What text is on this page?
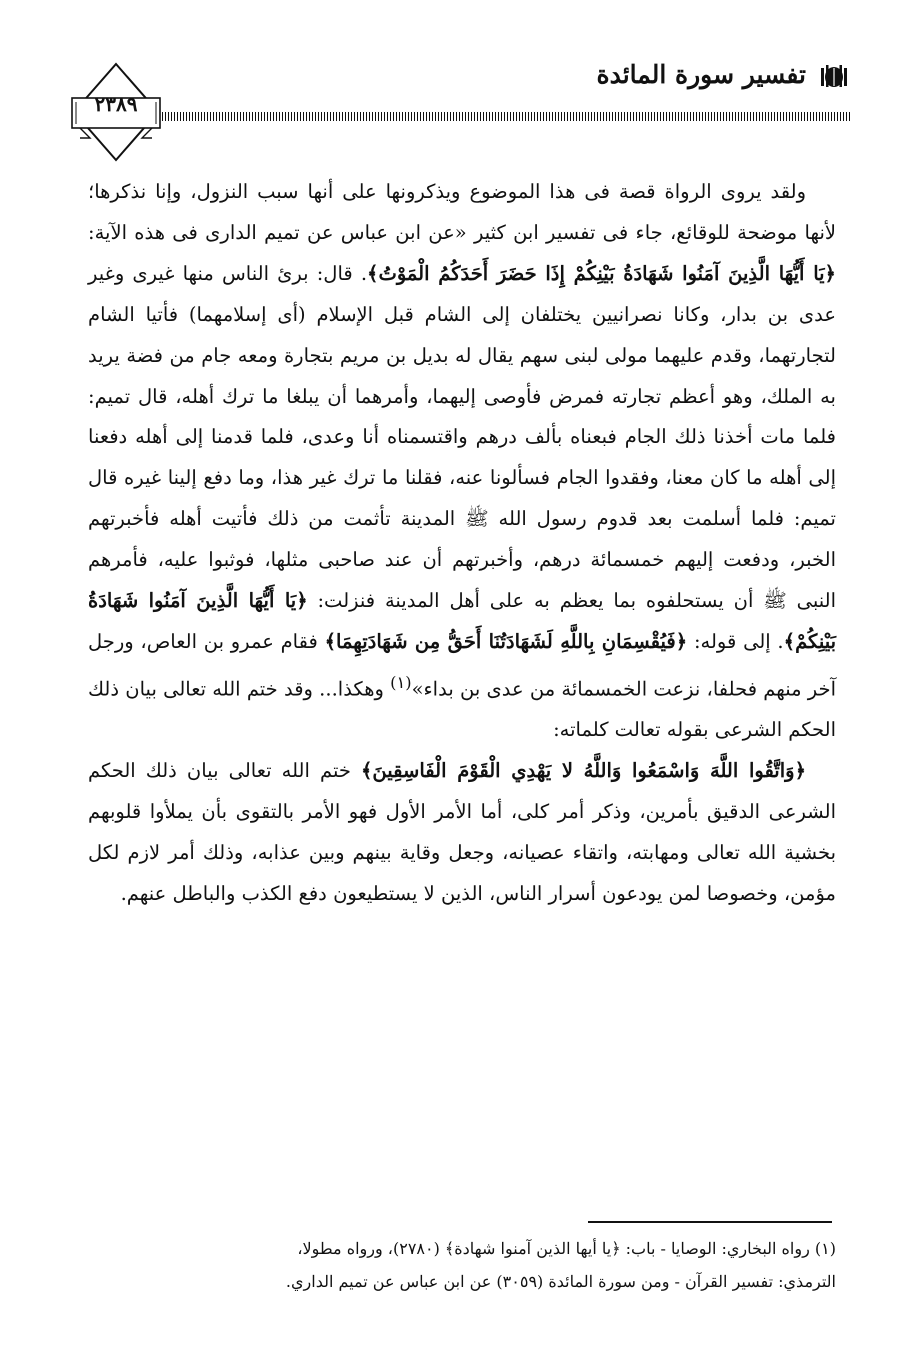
تفسير سورة المائدة
٢٣٨٩

ولقد يروى الرواة قصة فى هذا الموضوع ويذكرونها على أنها سبب النزول، وإنا نذكرها؛ لأنها موضحة للوقائع، جاء فى تفسير ابن كثير «عن ابن عباس عن تميم الدارى فى هذه الآية: ﴿يَا أَيُّهَا الَّذِينَ آمَنُوا شَهَادَةُ بَيْنِكُمْ إِذَا حَضَرَ أَحَدَكُمُ الْمَوْتُ﴾. قال: برئ الناس منها غيرى وغير عدى بن بدار، وكانا نصرانيين يختلفان إلى الشام قبل الإسلام (أى إسلامهما) فأتيا الشام لتجارتهما، وقدم عليهما مولى لبنى سهم يقال له بديل بن مريم بتجارة ومعه جام من فضة يريد به الملك، وهو أعظم تجارته فمرض فأوصى إليهما، وأمرهما أن يبلغا ما ترك أهله، قال تميم: فلما مات أخذنا ذلك الجام فبعناه بألف درهم واقتسمناه أنا وعدى، فلما قدمنا إلى أهله دفعنا إلى أهله ما كان معنا، وفقدوا الجام فسألونا عنه، فقلنا ما ترك غير هذا، وما دفع إلينا غيره قال تميم: فلما أسلمت بعد قدوم رسول الله ﷺ المدينة تأثمت من ذلك فأتيت أهله فأخبرتهم الخبر، ودفعت إليهم خمسمائة درهم، وأخبرتهم أن عند صاحبى مثلها، فوثبوا عليه، فأمرهم النبى ﷺ أن يستحلفوه بما يعظم به على أهل المدينة فنزلت: ﴿يَا أَيُّهَا الَّذِينَ آمَنُوا شَهَادَةُ بَيْنِكُمْ﴾. إلى قوله: ﴿فَيُقْسِمَانِ بِاللَّهِ لَشَهَادَتُنَا أَحَقُّ مِن شَهَادَتِهِمَا﴾ فقام عمرو بن العاص، ورجل آخر منهم فحلفا، نزعت الخمسمائة من عدى بن بداء»$^{(١)}$ وهكذا... وقد ختم الله تعالى بيان ذلك الحكم الشرعى بقوله تعالت كلماته:

﴿وَاتَّقُوا اللَّهَ وَاسْمَعُوا وَاللَّهُ لا يَهْدِي الْقَوْمَ الْفَاسِقِينَ﴾ ختم الله تعالى بيان ذلك الحكم الشرعى الدقيق بأمرين، وذكر أمر كلى، أما الأمر الأول فهو الأمر بالتقوى بأن يملأوا قلوبهم بخشية الله تعالى ومهابته، واتقاء عصيانه، وجعل وقاية بينهم وبين عذابه، وذلك أمر لازم لكل مؤمن، وخصوصا لمن يودعون أسرار الناس، الذين لا يستطيعون دفع الكذب والباطل عنهم.

(١) رواه البخاري: الوصايا - باب: ﴿يا أيها الذين آمنوا شهادة﴾ (٢٧٨٠)، ورواه مطولا،

الترمذي: تفسير القرآن - ومن سورة المائدة (٣٠٥٩) عن ابن عباس عن تميم الداري.
